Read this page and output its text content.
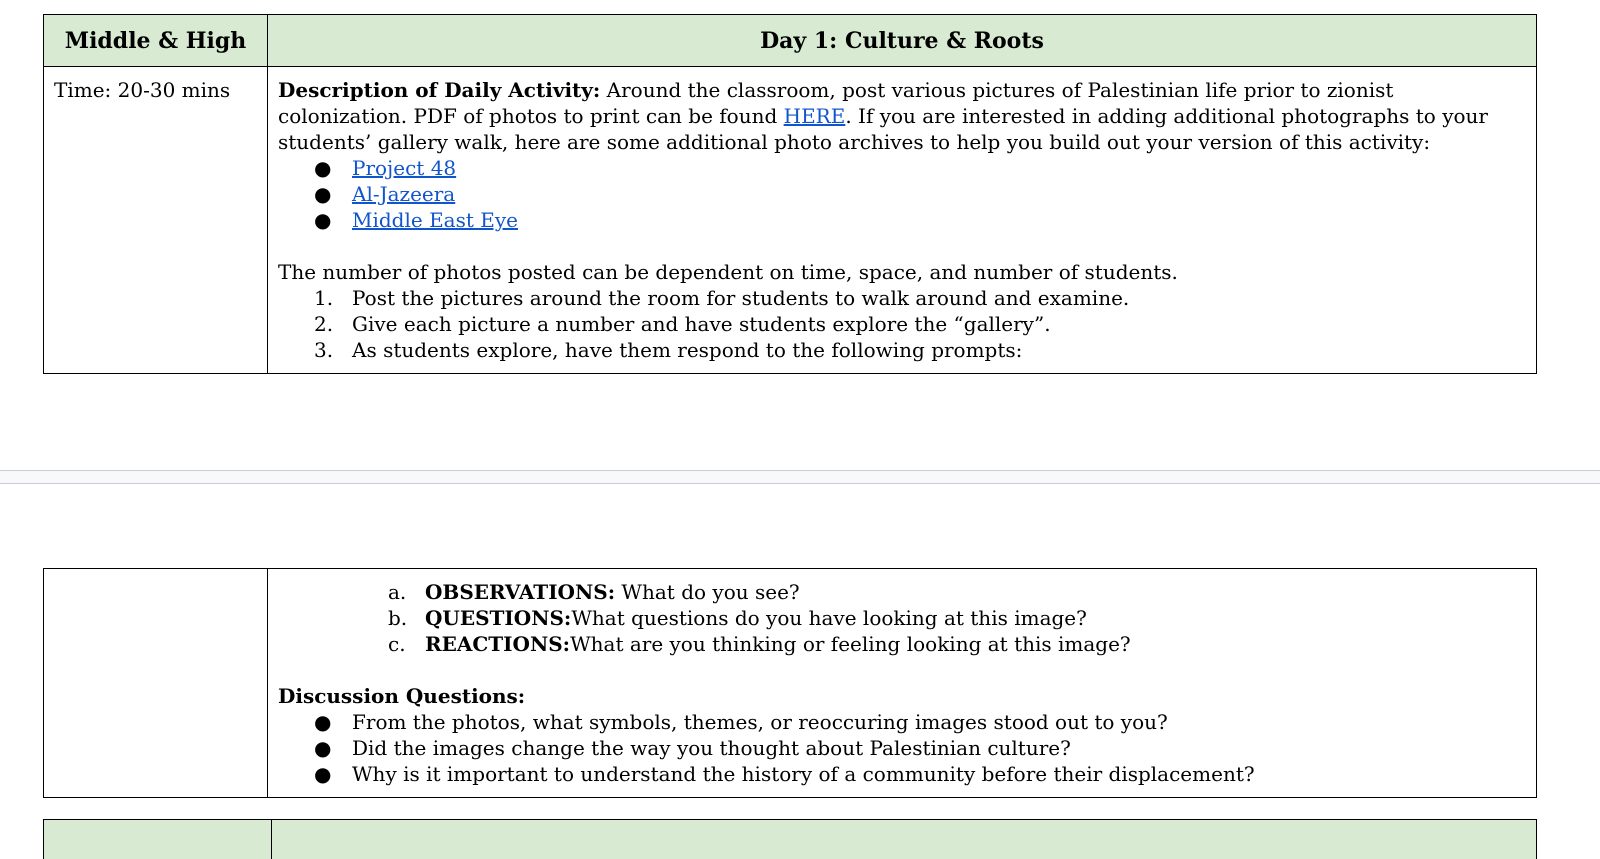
Middle & High	Day 1: Culture & Roots
Time: 20-30 mins	Description of Daily Activity: Around the classroom, post various pictures of Palestinian life prior to zionist colonization. PDF of photos to print can be found HERE. If you are interested in adding additional photographs to your students’ gallery walk, here are some additional photo archives to help you build out your version of this activity:
● Project 48
● Al-Jazeera
● Middle East Eye
The number of photos posted can be dependent on time, space, and number of students.
1. Post the pictures around the room for students to walk around and examine.
2. Give each picture a number and have students explore the “gallery”.
3. As students explore, have them respond to the following prompts:
a. OBSERVATIONS: What do you see?
b. QUESTIONS:What questions do you have looking at this image?
c. REACTIONS:What are you thinking or feeling looking at this image?
Discussion Questions:
● From the photos, what symbols, themes, or reoccuring images stood out to you?
● Did the images change the way you thought about Palestinian culture?
● Why is it important to understand the history of a community before their displacement?
